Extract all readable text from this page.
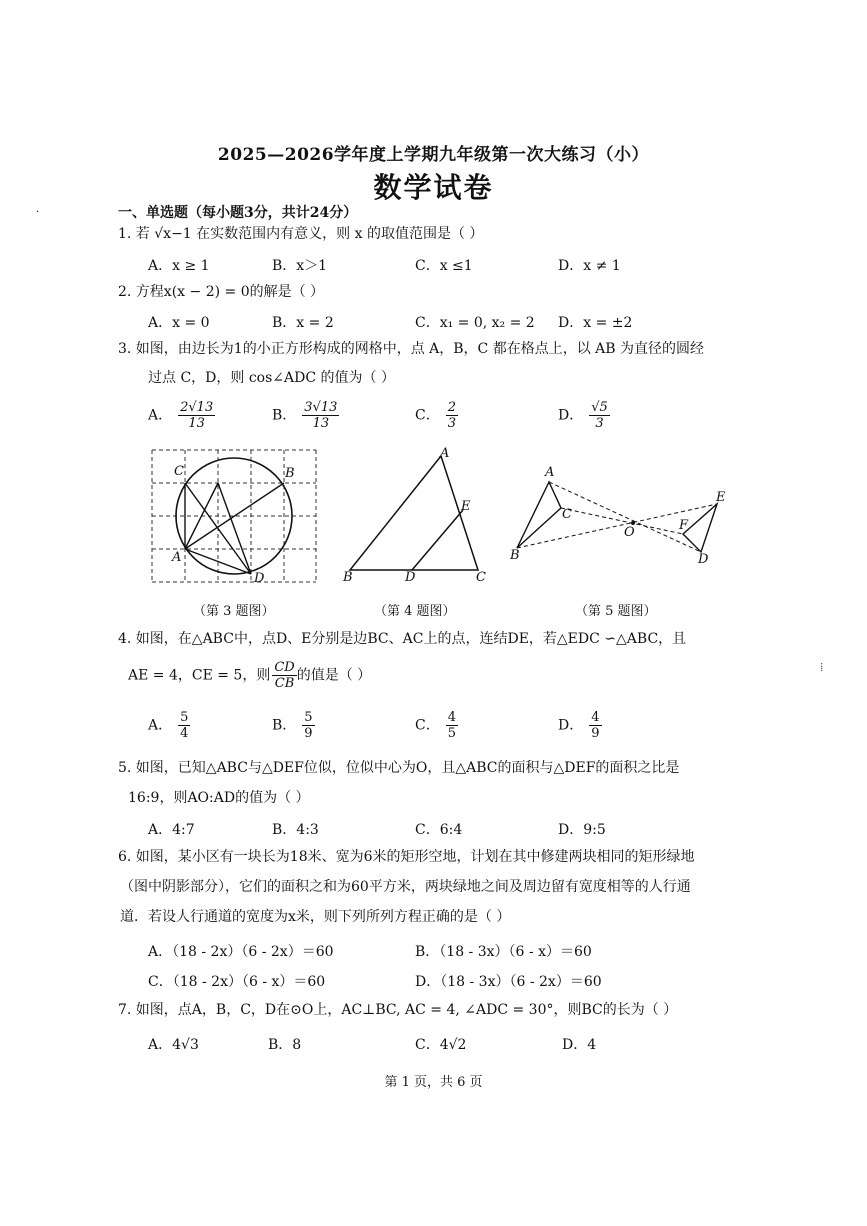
·
⁞
2025—2026学年度上学期九年级第一次大练习（小）
数学试卷
一、单选题（每小题3分，共计24分）
1. 若 √x−1 在实数范围内有意义，则 x 的取值范围是（ ）
A．x ≥ 1	B．x＞1	C．x ≤1	D．x ≠ 1
2. 方程x(x − 2) = 0的解是（ ）
A．x = 0	B．x = 2	C．x₁ = 0, x₂ = 2 D．x = ±2
3. 如图，由边长为1的小正方形构成的网格中，点 A，B，C 都在格点上，以 AB 为直径的圆经
过点 C，D，则 cos∠ADC 的值为（ ）
A． $\frac{2√13}{13}$	B． $\frac{3√13}{13}$	C． $\frac{2}{3}$	D． $\frac{√5}{3}$
C	B
A
D
A
E
B	D	C
A
C
B
O
E
F
D
（第 3 题图）	（第 4 题图）	（第 5 题图）
4. 如图，在△ABC中，点D、E分别是边BC、AC上的点，连结DE，若△EDC ∽△ABC，且
AE = 4，CE = 5，则 $\frac{CD}{CB}$ 的值是（ ）
A． $\frac{5}{4}$	B． $\frac{5}{9}$	C． $\frac{4}{5}$	D． $\frac{4}{9}$
5. 如图，已知△ABC与△DEF位似，位似中心为O，且△ABC的面积与△DEF的面积之比是
16:9，则AO:AD的值为（ ）
A．4:7	B．4:3	C．6:4	D．9:5
6. 如图，某小区有一块长为18米、宽为6米的矩形空地，计划在其中修建两块相同的矩形绿地
（图中阴影部分），它们的面积之和为60平方米，两块绿地之间及周边留有宽度相等的人行通
道．若设人行通道的宽度为x米，则下列所列方程正确的是（ ）
A．（18 - 2x）（6 - 2x）＝60	B．（18 - 3x）（6 - x）＝60
C．（18 - 2x）（6 - x）＝60	D．（18 - 3x）（6 - 2x）＝60
7. 如图，点A，B，C，D在⊙O上，AC⊥BC, AC = 4, ∠ADC = 30°，则BC的长为（ ）
A．4√3	B．8	C．4√2	D．4
第 1 页，共 6 页
